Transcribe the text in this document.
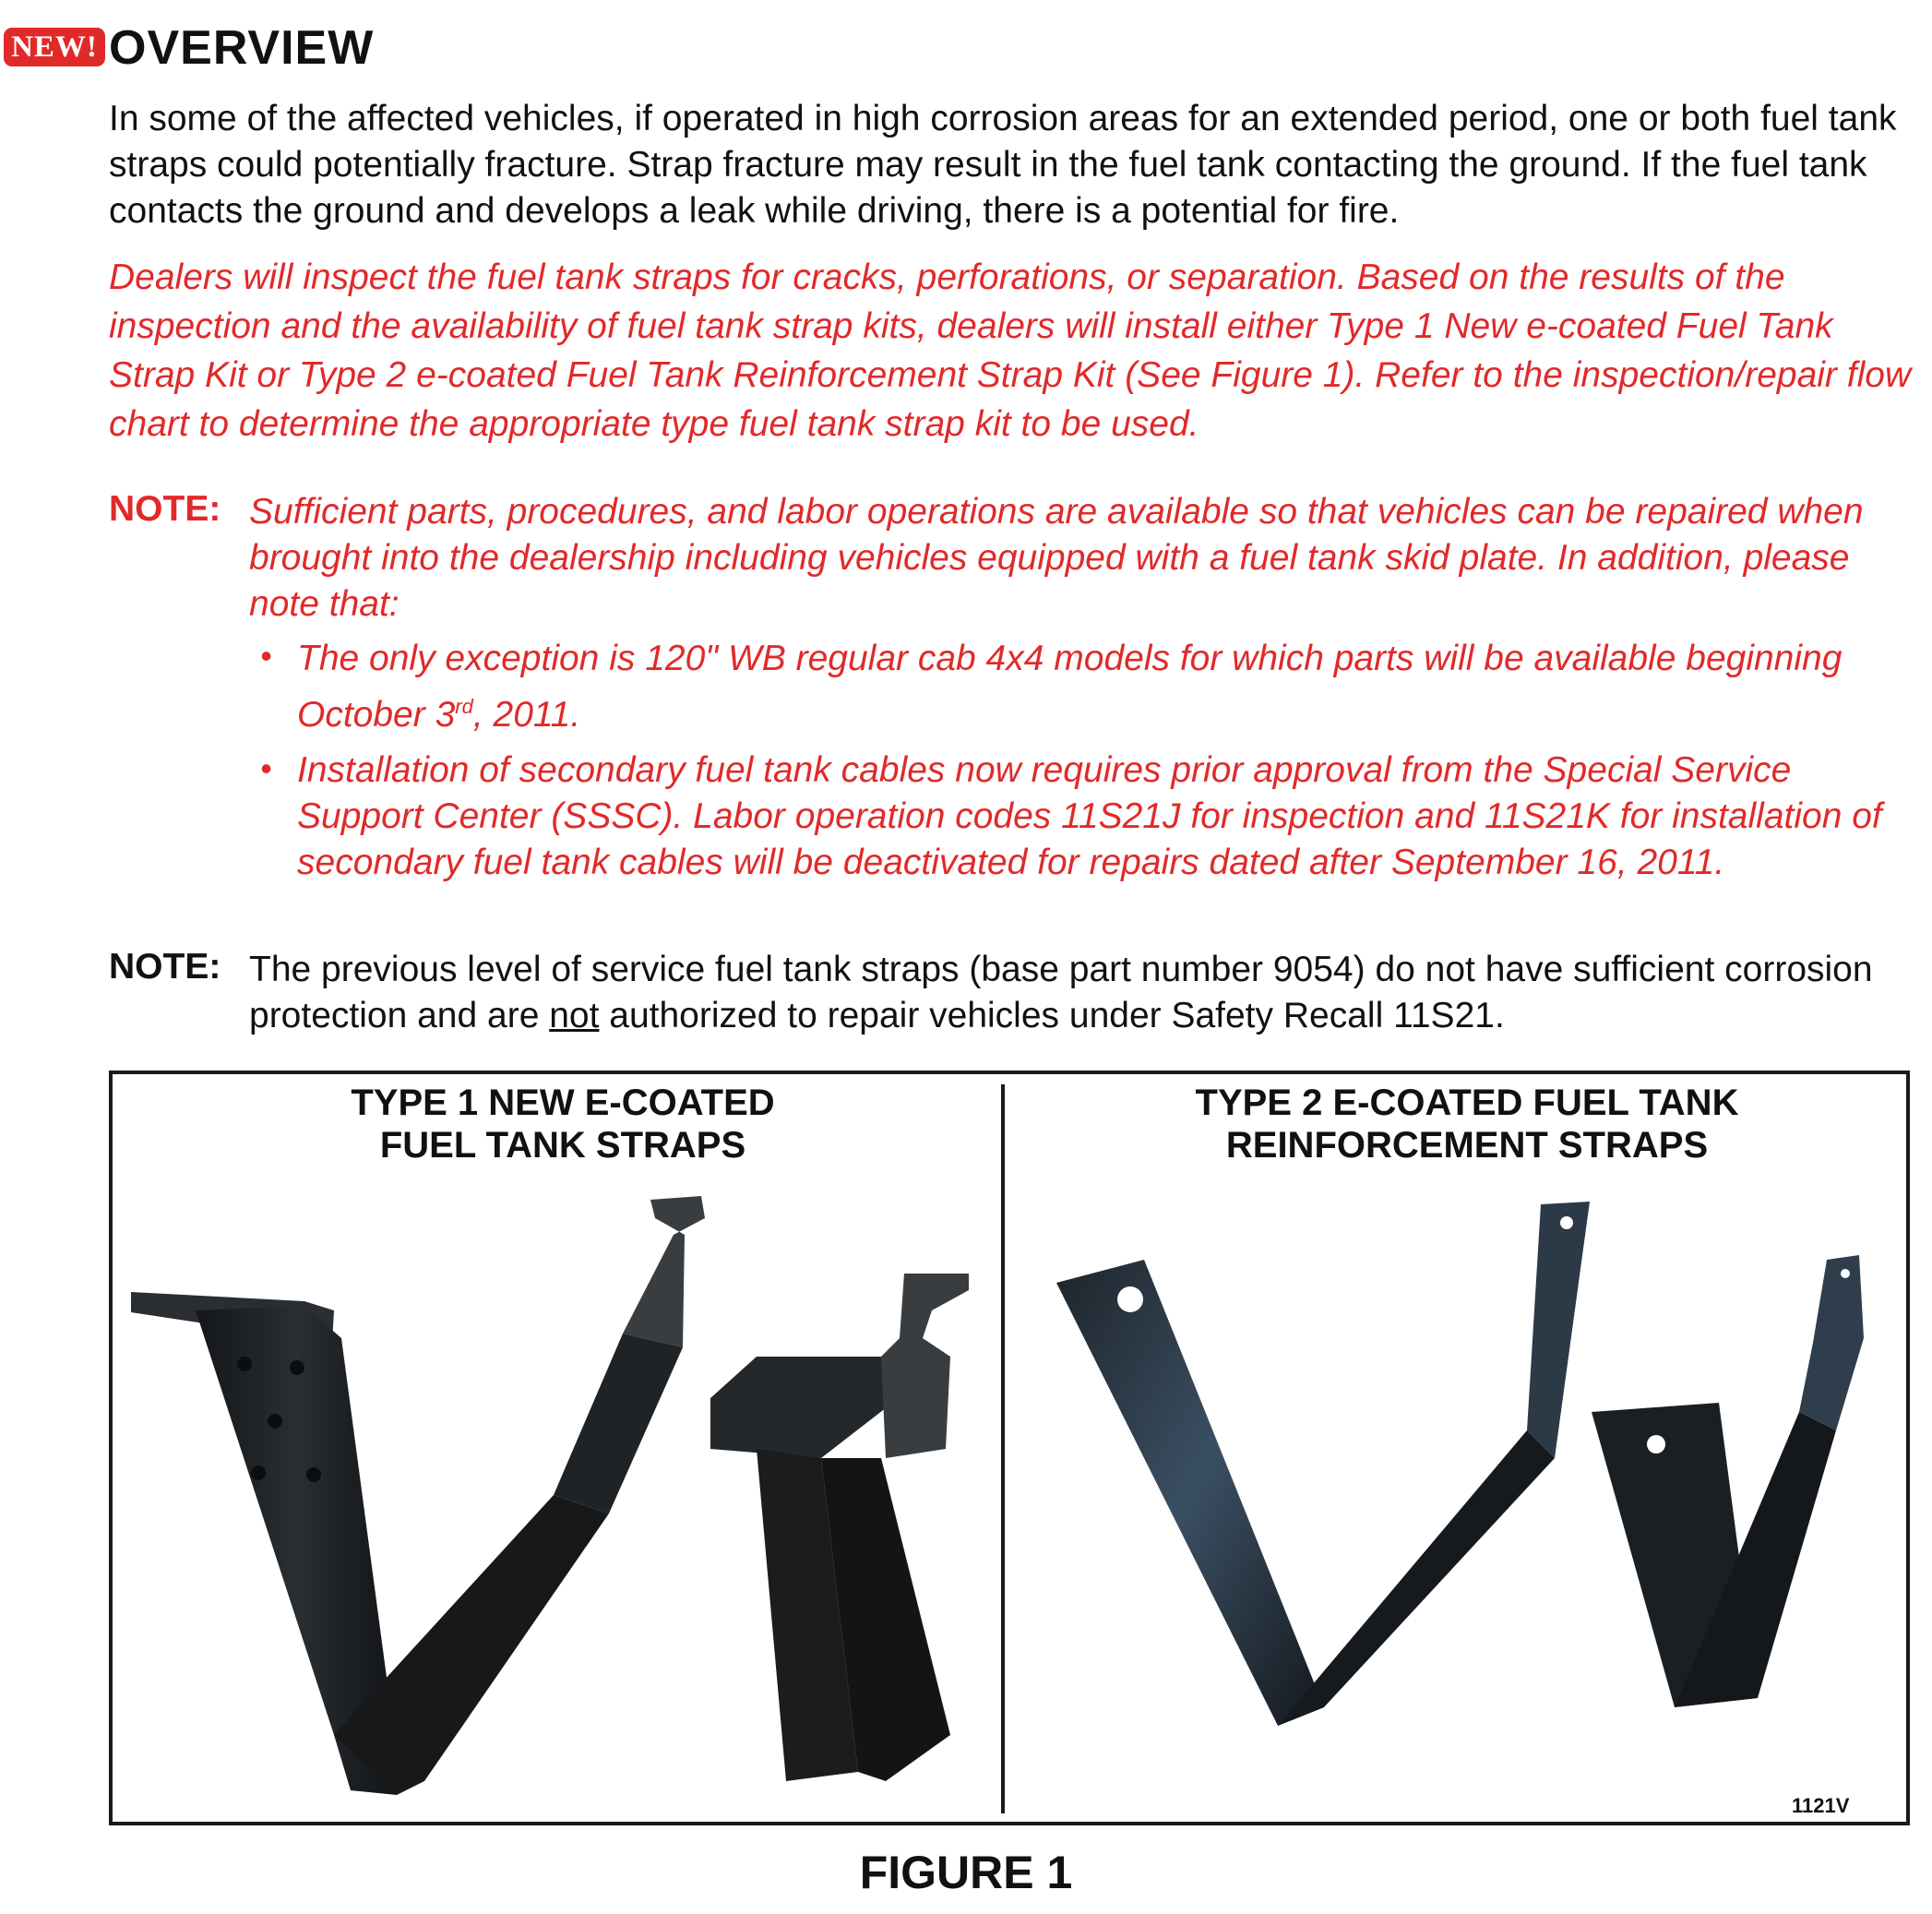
NEW! OVERVIEW
In some of the affected vehicles, if operated in high corrosion areas for an extended period, one or both fuel tank straps could potentially fracture. Strap fracture may result in the fuel tank contacting the ground. If the fuel tank contacts the ground and develops a leak while driving, there is a potential for fire.
Dealers will inspect the fuel tank straps for cracks, perforations, or separation. Based on the results of the inspection and the availability of fuel tank strap kits, dealers will install either Type 1 New e-coated Fuel Tank Strap Kit or Type 2 e-coated Fuel Tank Reinforcement Strap Kit (See Figure 1). Refer to the inspection/repair flow chart to determine the appropriate type fuel tank strap kit to be used.
NOTE: Sufficient parts, procedures, and labor operations are available so that vehicles can be repaired when brought into the dealership including vehicles equipped with a fuel tank skid plate. In addition, please note that:
• The only exception is 120" WB regular cab 4x4 models for which parts will be available beginning October 3rd, 2011.
• Installation of secondary fuel tank cables now requires prior approval from the Special Service Support Center (SSSC). Labor operation codes 11S21J for inspection and 11S21K for installation of secondary fuel tank cables will be deactivated for repairs dated after September 16, 2011.
NOTE: The previous level of service fuel tank straps (base part number 9054) do not have sufficient corrosion protection and are not authorized to repair vehicles under Safety Recall 11S21.
TYPE 1 NEW E-COATED
FUEL TANK STRAPS
TYPE 2 E-COATED FUEL TANK
REINFORCEMENT STRAPS
1121V
FIGURE 1
